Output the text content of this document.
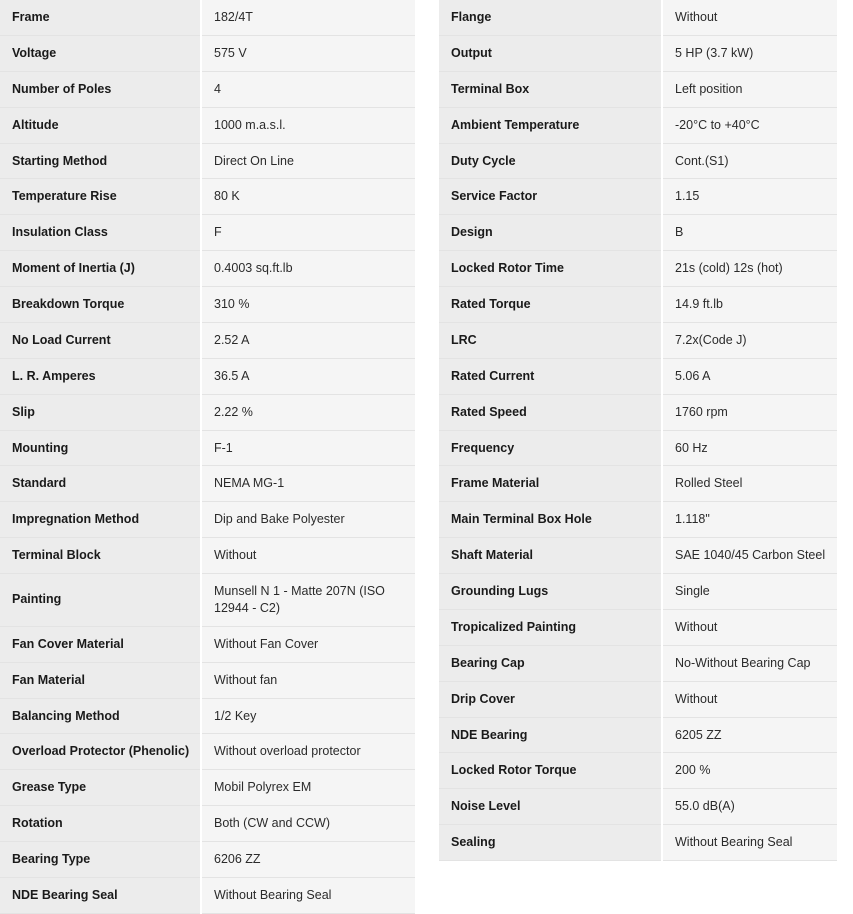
Frame	182/4T
Voltage	575 V
Number of Poles	4
Altitude	1000 m.a.s.l.
Starting Method	Direct On Line
Temperature Rise	80 K
Insulation Class	F
Moment of Inertia (J)	0.4003 sq.ft.lb
Breakdown Torque	310 %
No Load Current	2.52 A
L. R. Amperes	36.5 A
Slip	2.22 %
Mounting	F-1
Standard	NEMA MG-1
Impregnation Method	Dip and Bake Polyester
Terminal Block	Without
Painting	Munsell N 1 - Matte 207N (ISO 12944 - C2)
Fan Cover Material	Without Fan Cover
Fan Material	Without fan
Balancing Method	1/2 Key
Overload Protector (Phenolic)	Without overload protector
Grease Type	Mobil Polyrex EM
Rotation	Both (CW and CCW)
Bearing Type	6206 ZZ
NDE Bearing Seal	Without Bearing Seal
Flange	Without
Output	5 HP (3.7 kW)
Terminal Box	Left position
Ambient Temperature	-20°C to +40°C
Duty Cycle	Cont.(S1)
Service Factor	1.15
Design	B
Locked Rotor Time	21s (cold) 12s (hot)
Rated Torque	14.9 ft.lb
LRC	7.2x(Code J)
Rated Current	5.06 A
Rated Speed	1760 rpm
Frequency	60 Hz
Frame Material	Rolled Steel
Main Terminal Box Hole	1.118"
Shaft Material	SAE 1040/45 Carbon Steel
Grounding Lugs	Single
Tropicalized Painting	Without
Bearing Cap	No-Without Bearing Cap
Drip Cover	Without
NDE Bearing	6205 ZZ
Locked Rotor Torque	200 %
Noise Level	55.0 dB(A)
Sealing	Without Bearing Seal
